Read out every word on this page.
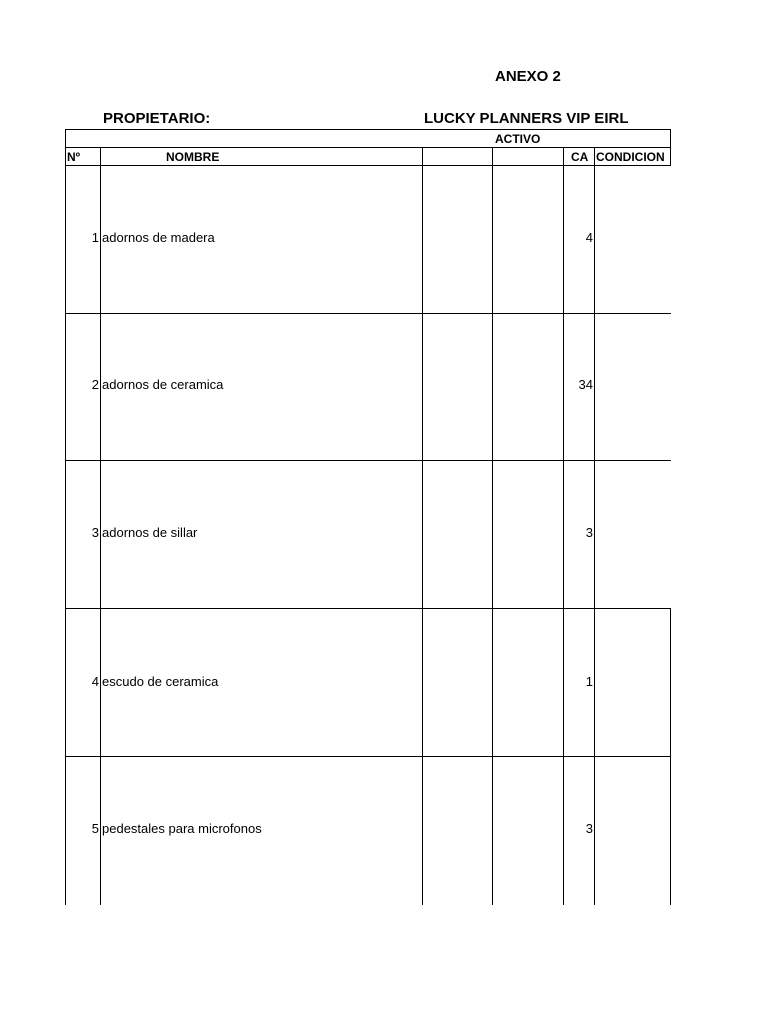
ANEXO 2
PROPIETARIO:	LUCKY PLANNERS VIP EIRL
ACTIVO
Nº	NOMBRE	CA CONDICION
1 adornos de madera	4
2 adornos de ceramica	34
3 adornos de sillar	3
4 escudo de ceramica	1
5 pedestales para microfonos	3
